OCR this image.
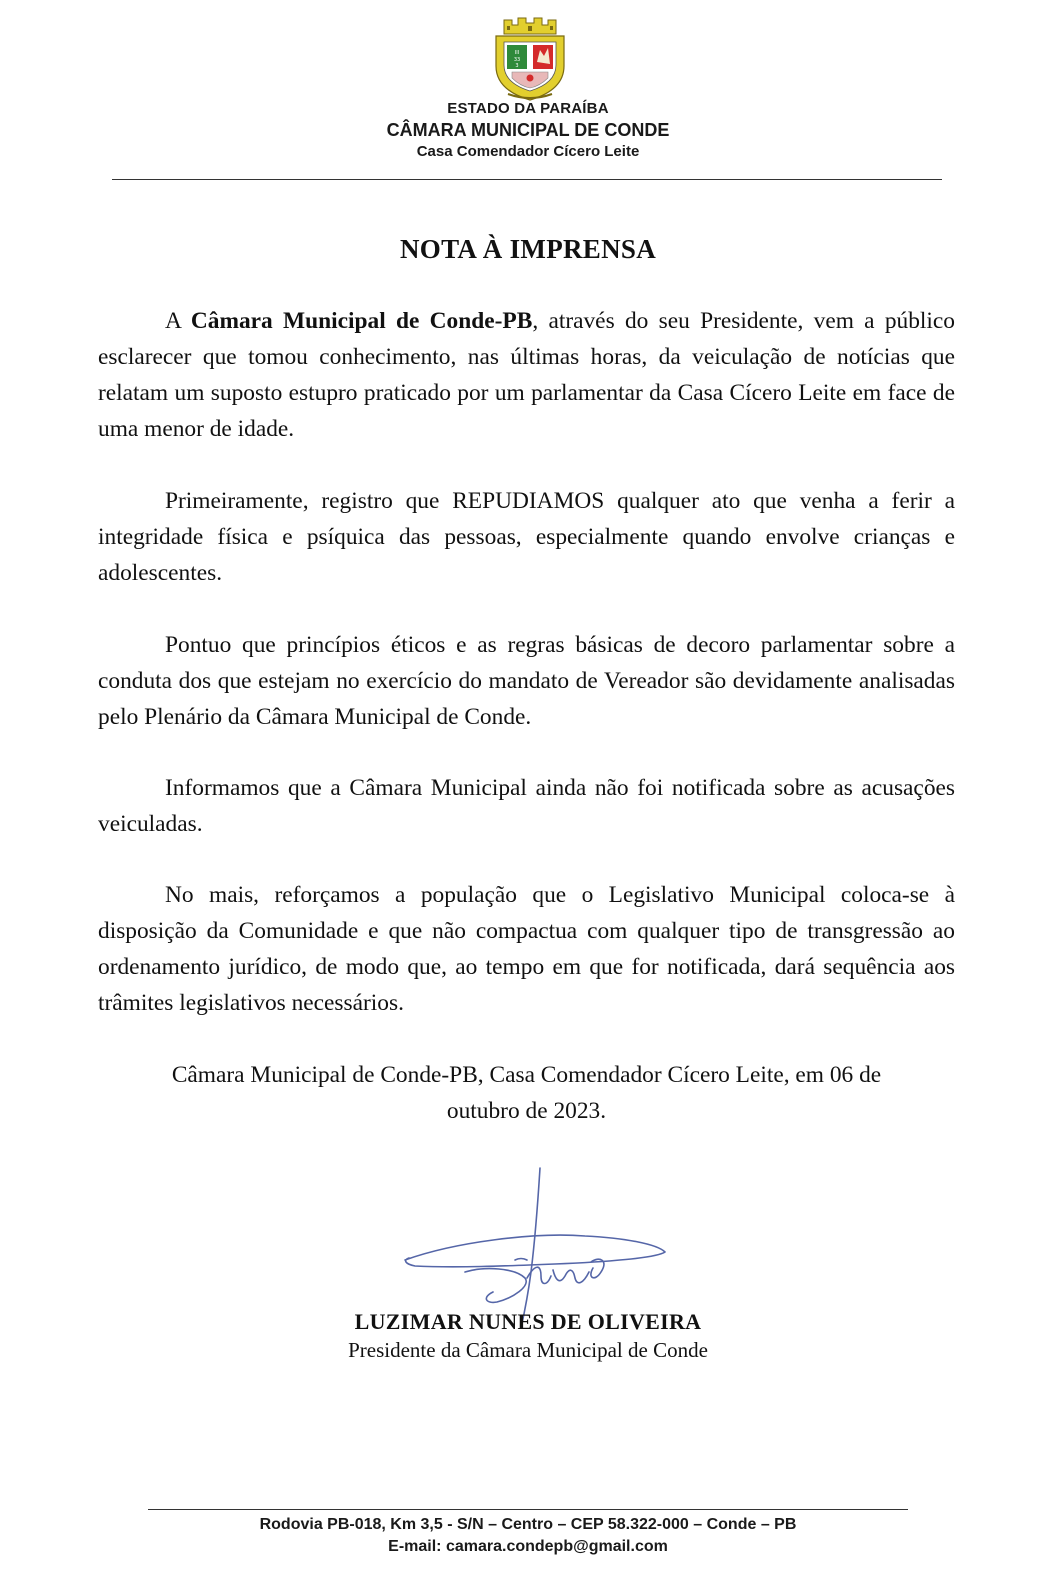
III
33
3
ESTADO DA PARAÍBA
CÂMARA MUNICIPAL DE CONDE
Casa Comendador Cícero Leite
NOTA À IMPRENSA

A Câmara Municipal de Conde-PB, através do seu Presidente, vem a público esclarecer que tomou conhecimento, nas últimas horas, da veiculação de notícias que relatam um suposto estupro praticado por um parlamentar da Casa Cícero Leite em face de uma menor de idade.

Primeiramente, registro que REPUDIAMOS qualquer ato que venha a ferir a integridade física e psíquica das pessoas, especialmente quando envolve crianças e adolescentes.

Pontuo que princípios éticos e as regras básicas de decoro parlamentar sobre a conduta dos que estejam no exercício do mandato de Vereador são devidamente analisadas pelo Plenário da Câmara Municipal de Conde.

Informamos que a Câmara Municipal ainda não foi notificada sobre as acusações veiculadas.

No mais, reforçamos a população que o Legislativo Municipal coloca-se à disposição da Comunidade e que não compactua com qualquer tipo de transgressão ao ordenamento jurídico, de modo que, ao tempo em que for notificada, dará sequência aos trâmites legislativos necessários.

Câmara Municipal de Conde-PB, Casa Comendador Cícero Leite, em 06 de
outubro de 2023.
LUZIMAR NUNES DE OLIVEIRA
Presidente da Câmara Municipal de Conde
Rodovia PB-018, Km 3,5 - S/N – Centro – CEP 58.322-000 – Conde – PB
E-mail: camara.condepb@gmail.com
